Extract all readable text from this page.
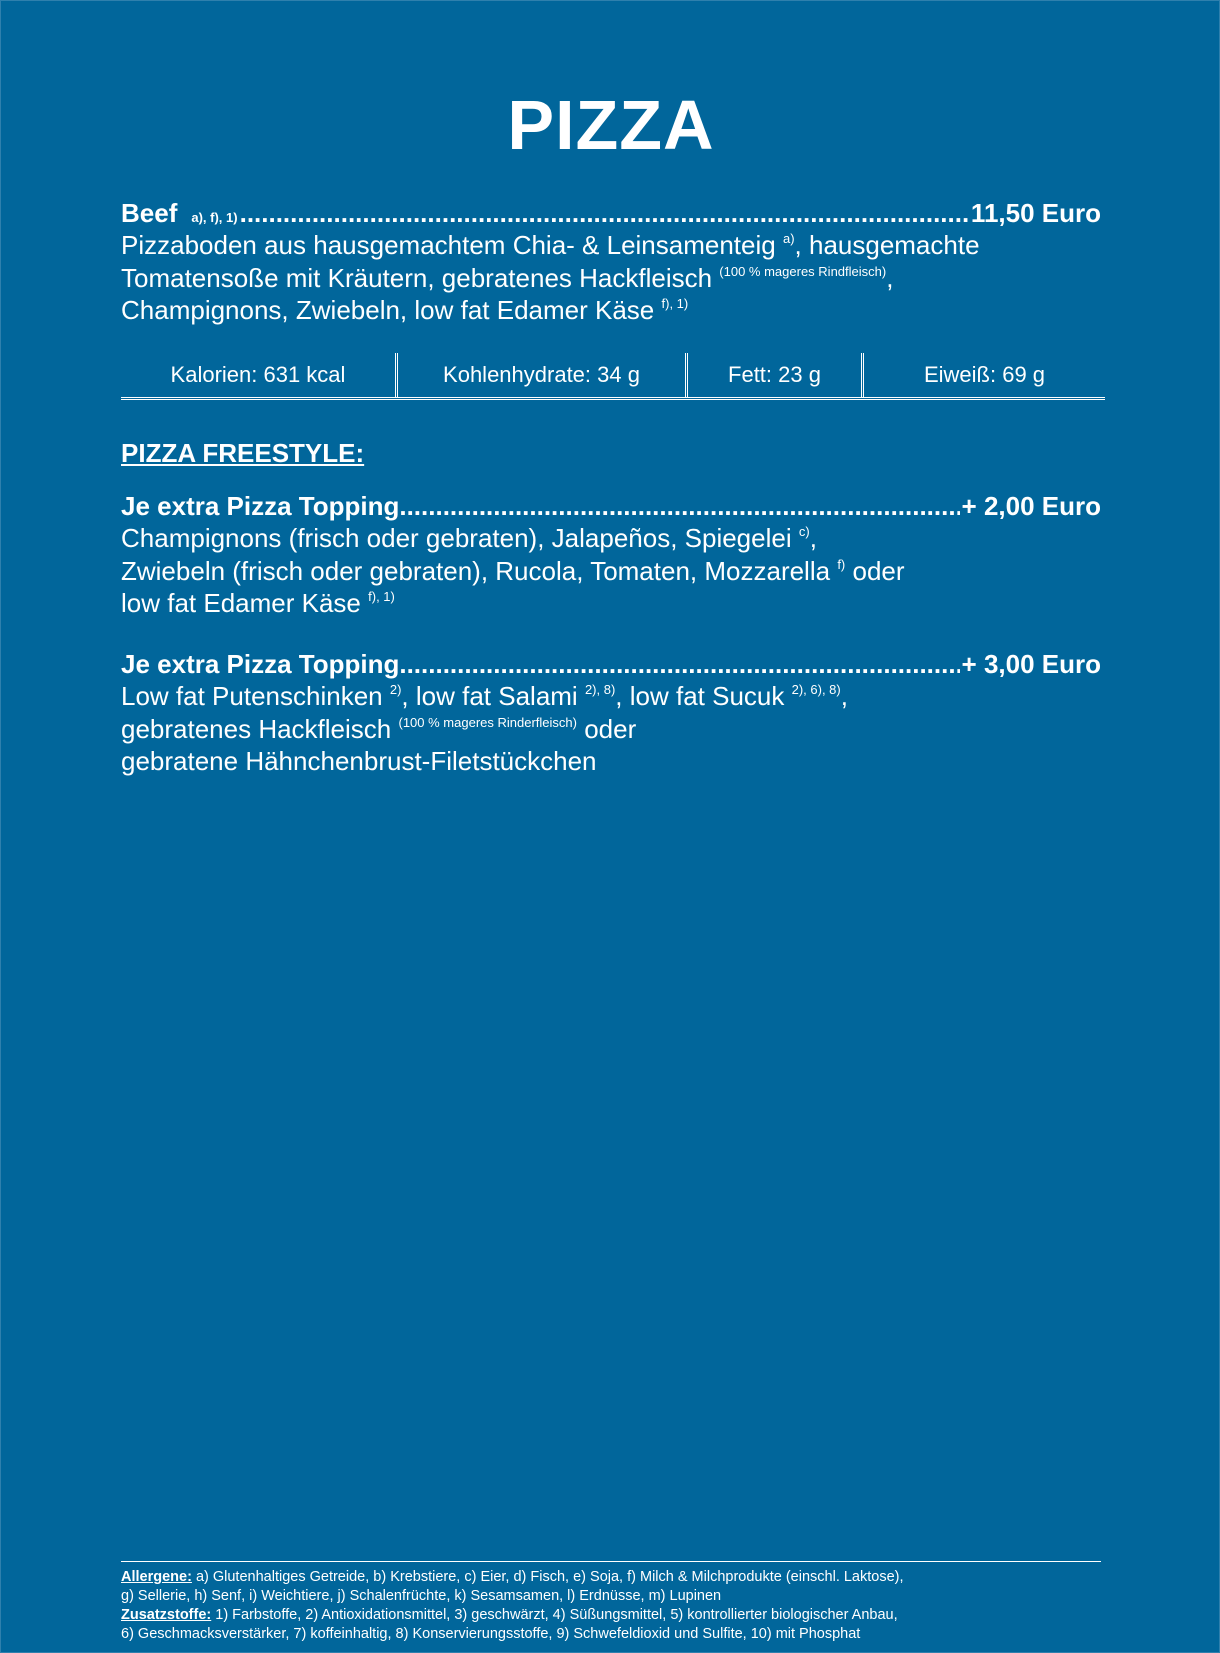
PIZZA
Beef a), f), 1) .....	11,50 Euro
Pizzaboden aus hausgemachtem Chia- & Leinsamenteig $^{a)}$, hausgemachte
Tomatensoße mit Kräutern, gebratenes Hackfleisch $^{(100 \% mageres Rindfleisch)}$,
Champignons, Zwiebeln, low fat Edamer Käse $^{f), 1)}$
Kalorien: 631 kcal	Kohlenhydrate: 34 g	Fett: 23 g	Eiweiß: 69 g
PIZZA FREESTYLE:
Je extra Pizza Topping .....	+ 2,00 Euro
Champignons (frisch oder gebraten), Jalapeños, Spiegelei $^{c)}$,
Zwiebeln (frisch oder gebraten), Rucola, Tomaten, Mozzarella $^{f)}$ oder
low fat Edamer Käse $^{f), 1)}$
Je extra Pizza Topping .....	+ 3,00 Euro
Low fat Putenschinken $^{2)}$, low fat Salami $^{2), 8)}$, low fat Sucuk $^{2), 6), 8)}$,
gebratenes Hackfleisch $^{(100 \% mageres Rinderfleisch)}$ oder
gebratene Hähnchenbrust-Filetstückchen
Allergene: a) Glutenhaltiges Getreide, b) Krebstiere, c) Eier, d) Fisch, e) Soja, f) Milch & Milchprodukte (einschl. Laktose),
g) Sellerie, h) Senf, i) Weichtiere, j) Schalenfrüchte, k) Sesamsamen, l) Erdnüsse, m) Lupinen
Zusatzstoffe: 1) Farbstoffe, 2) Antioxidationsmittel, 3) geschwärzt, 4) Süßungsmittel, 5) kontrollierter biologischer Anbau,
6) Geschmacksverstärker, 7) koffeinhaltig, 8) Konservierungsstoffe, 9) Schwefeldioxid und Sulfite, 10) mit Phosphat
